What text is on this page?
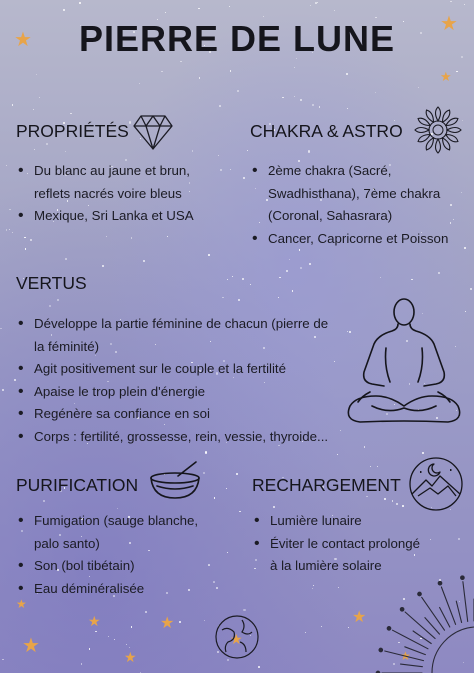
★
★
★
★
★
★
★
★
★
★
★
PIERRE DE LUNE
PROPRIÉTÉS
• Du blanc au jaune et brun,
reflets nacrés voire bleus
• Mexique, Sri Lanka et USA
CHAKRA & ASTRO
• 2ème chakra (Sacré,
Swadhisthana), 7ème chakra
(Coronal, Sahasrara)
• Cancer, Capricorne et Poisson
VERTUS
• Développe la partie féminine de chacun (pierre de
la féminité)
• Agit positivement sur le couple et la fertilité
• Apaise le trop plein d'énergie
• Regénère sa confiance en soi
• Corps : fertilité, grossesse, rein, vessie, thyroide...
PURIFICATION
• Fumigation (sauge blanche,
palo santo)
• Son (bol tibétain)
• Eau déminéralisée
RECHARGEMENT
• Lumière lunaire
• Éviter le contact prolongé
à la lumière solaire
